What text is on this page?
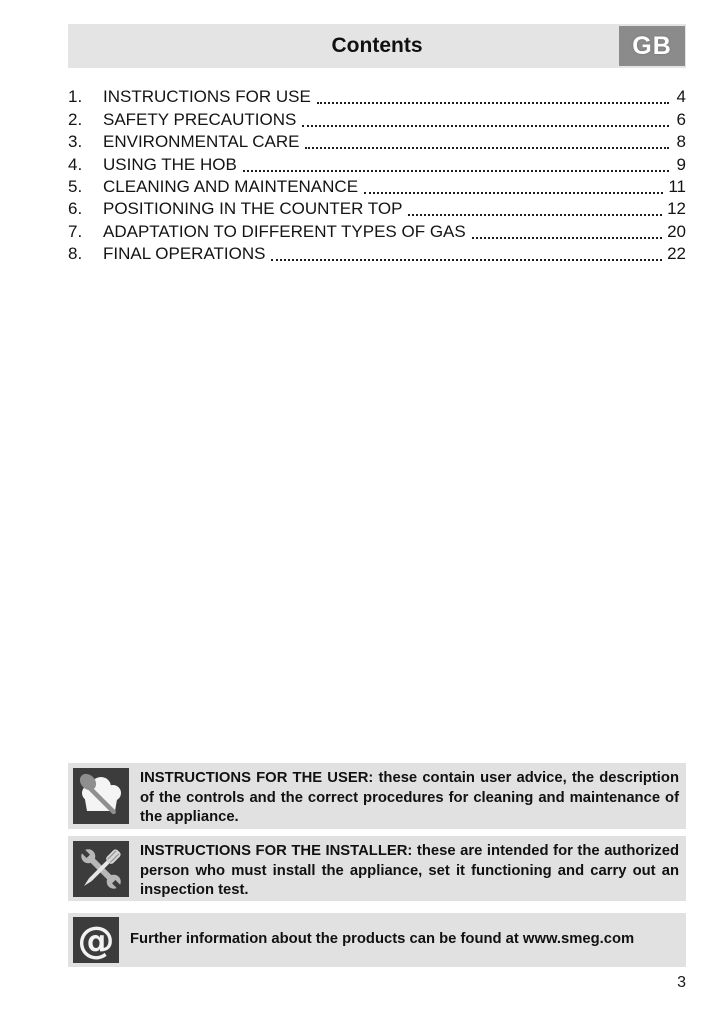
Contents	GB
1.	INSTRUCTIONS FOR USE	4
2.	SAFETY PRECAUTIONS	6
3.	ENVIRONMENTAL CARE	8
4.	USING THE HOB	9
5.	CLEANING AND MAINTENANCE	11
6.	POSITIONING IN THE COUNTER TOP	12
7.	ADAPTATION TO DIFFERENT TYPES OF GAS	20
8.	FINAL OPERATIONS	22
INSTRUCTIONS FOR THE USER: these contain user advice, the description of the controls and the correct procedures for cleaning and maintenance of the appliance.
INSTRUCTIONS FOR THE INSTALLER: these are intended for the authorized person who must install the appliance, set it functioning and carry out an inspection test.
@ Further information about the products can be found at www.smeg.com
3
